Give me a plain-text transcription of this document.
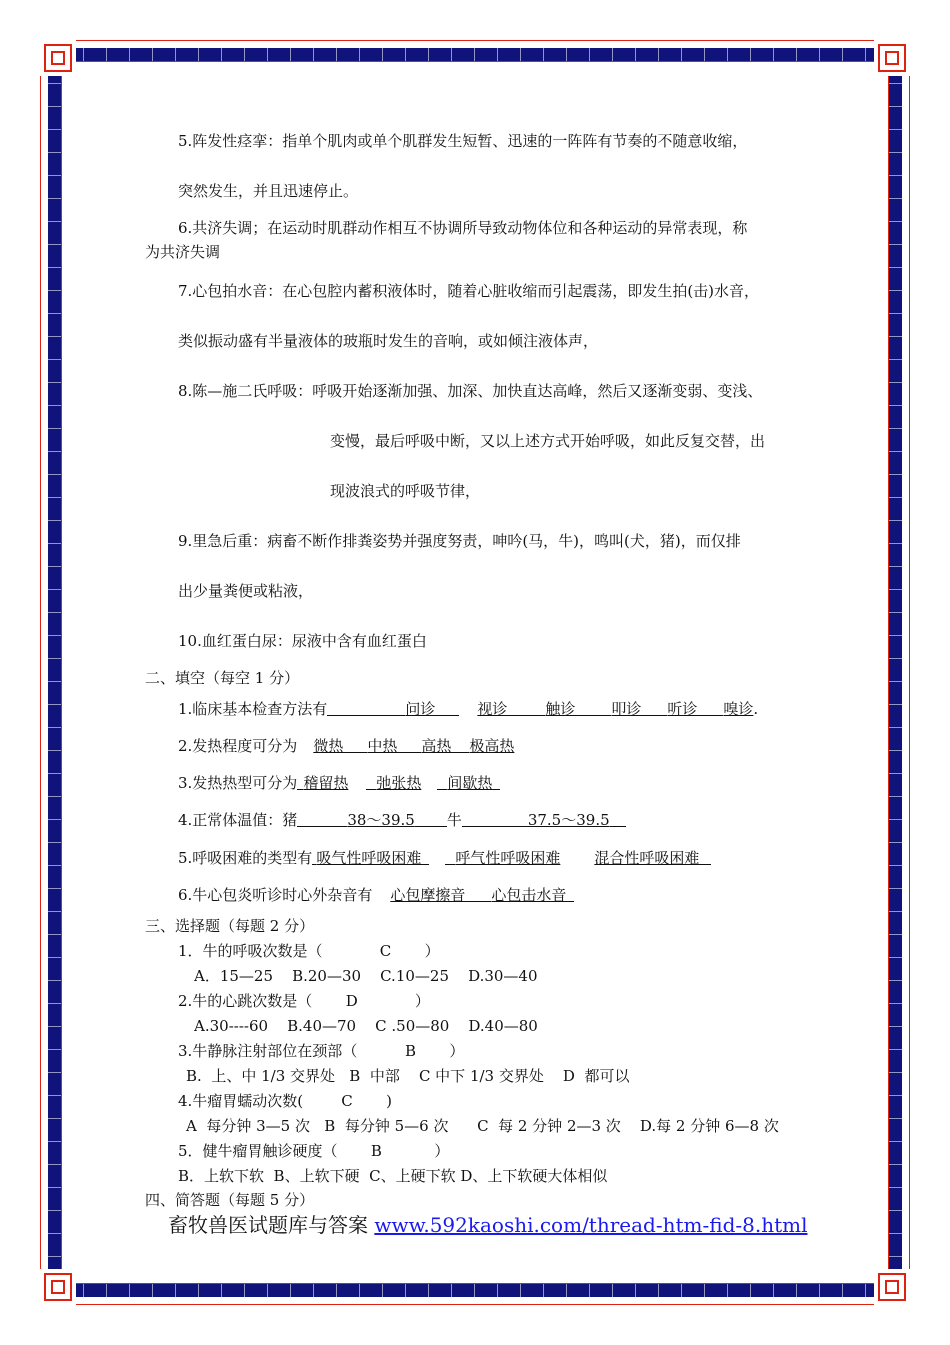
5.阵发性痉挛：指单个肌肉或单个肌群发生短暂、迅速的一阵阵有节奏的不随意收缩，
突然发生，并且迅速停止。
6.共济失调；在运动时肌群动作相互不协调所导致动物体位和各种运动的异常表现，称
为共济失调
7.心包拍水音：在心包腔内蓄积液体时，随着心脏收缩而引起震荡，即发生拍(击)水音，
类似振动盛有半量液体的玻瓶时发生的音响，或如倾注液体声，
8.陈—施二氏呼吸：呼吸开始逐渐加强、加深、加快直达高峰，然后又逐渐变弱、变浅、
变慢，最后呼吸中断，又以上述方式开始呼吸，如此反复交替，出
现波浪式的呼吸节律，
9.里急后重：病畜不断作排粪姿势并强度努责，呻吟(马，牛)，鸣叫(犬，猪)，而仅排
出少量粪便或粘液，
10.血红蛋白尿：尿液中含有血红蛋白
二、填空（每空 1 分）
1.临床基本检查方法有	问诊	视诊	触诊 叩诊 听诊 嗅诊.
2.发热程度可分为 微热 中热 高热 极高热
3.发热热型可分为 稽留热 弛张热 间歇热
4.正常体温值：猪	38～39.5 牛	37.5～39.5
5.呼吸困难的类型有 吸气性呼吸困难 呼气性呼吸困难 混合性呼吸困难
6.牛心包炎听诊时心外杂音有 心包摩擦音 心包击水音
三、选择题（每题 2 分）
1．牛的呼吸次数是（            C       ）
A．15—25    B.20—30    C.10—25    D.30—40
2.牛的心跳次数是（       D            ）
A.30----60    B.40—70    C .50—80    D.40—80
3.牛静脉注射部位在颈部（          B       ）
B.  上、中 1/3 交界处   B  中部    C 中下 1/3 交界处    D  都可以
4.牛瘤胃蠕动次数(        C       )
A  每分钟 3—5 次   B  每分钟 5—6 次      C  每 2 分钟 2—3 次    D.每 2 分钟 6—8 次
5．健牛瘤胃触诊硬度（       B           ）
B．上软下软  B、上软下硬  C、上硬下软 D、上下软硬大体相似
四、简答题（每题 5 分）
畜牧兽医试题库与答案 www.592kaoshi.com/thread-htm-fid-8.html
